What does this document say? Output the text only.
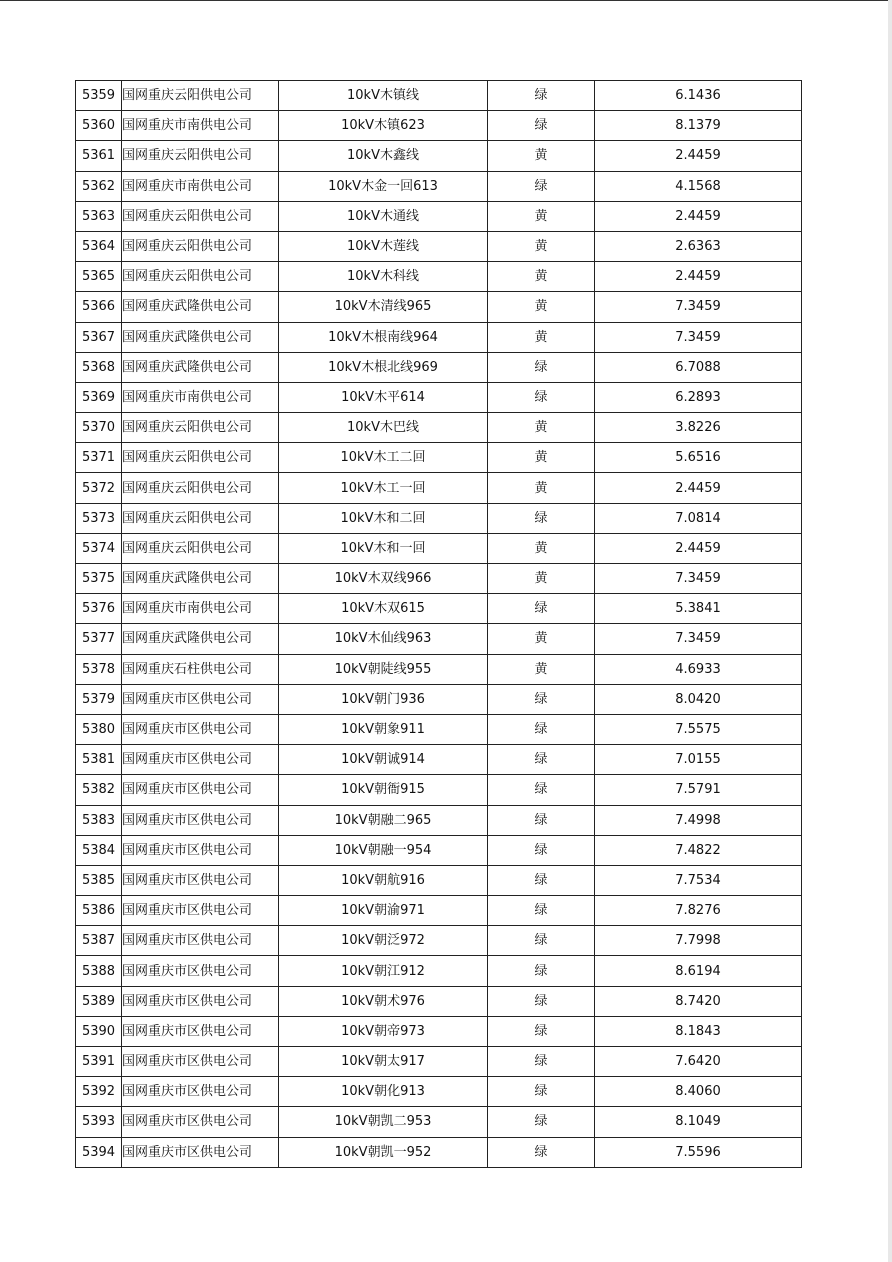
5359	国网重庆云阳供电公司	10kV木镇线	绿	6.1436
5360	国网重庆市南供电公司	10kV木镇623	绿	8.1379
5361	国网重庆云阳供电公司	10kV木鑫线	黄	2.4459
5362	国网重庆市南供电公司	10kV木金一回613	绿	4.1568
5363	国网重庆云阳供电公司	10kV木通线	黄	2.4459
5364	国网重庆云阳供电公司	10kV木莲线	黄	2.6363
5365	国网重庆云阳供电公司	10kV木科线	黄	2.4459
5366	国网重庆武隆供电公司	10kV木清线965	黄	7.3459
5367	国网重庆武隆供电公司	10kV木根南线964	黄	7.3459
5368	国网重庆武隆供电公司	10kV木根北线969	绿	6.7088
5369	国网重庆市南供电公司	10kV木平614	绿	6.2893
5370	国网重庆云阳供电公司	10kV木巴线	黄	3.8226
5371	国网重庆云阳供电公司	10kV木工二回	黄	5.6516
5372	国网重庆云阳供电公司	10kV木工一回	黄	2.4459
5373	国网重庆云阳供电公司	10kV木和二回	绿	7.0814
5374	国网重庆云阳供电公司	10kV木和一回	黄	2.4459
5375	国网重庆武隆供电公司	10kV木双线966	黄	7.3459
5376	国网重庆市南供电公司	10kV木双615	绿	5.3841
5377	国网重庆武隆供电公司	10kV木仙线963	黄	7.3459
5378	国网重庆石柱供电公司	10kV朝陡线955	黄	4.6933
5379	国网重庆市区供电公司	10kV朝门936	绿	8.0420
5380	国网重庆市区供电公司	10kV朝象911	绿	7.5575
5381	国网重庆市区供电公司	10kV朝诚914	绿	7.0155
5382	国网重庆市区供电公司	10kV朝衙915	绿	7.5791
5383	国网重庆市区供电公司	10kV朝融二965	绿	7.4998
5384	国网重庆市区供电公司	10kV朝融一954	绿	7.4822
5385	国网重庆市区供电公司	10kV朝航916	绿	7.7534
5386	国网重庆市区供电公司	10kV朝渝971	绿	7.8276
5387	国网重庆市区供电公司	10kV朝泛972	绿	7.7998
5388	国网重庆市区供电公司	10kV朝江912	绿	8.6194
5389	国网重庆市区供电公司	10kV朝术976	绿	8.7420
5390	国网重庆市区供电公司	10kV朝帝973	绿	8.1843
5391	国网重庆市区供电公司	10kV朝太917	绿	7.6420
5392	国网重庆市区供电公司	10kV朝化913	绿	8.4060
5393	国网重庆市区供电公司	10kV朝凯二953	绿	8.1049
5394	国网重庆市区供电公司	10kV朝凯一952	绿	7.5596
